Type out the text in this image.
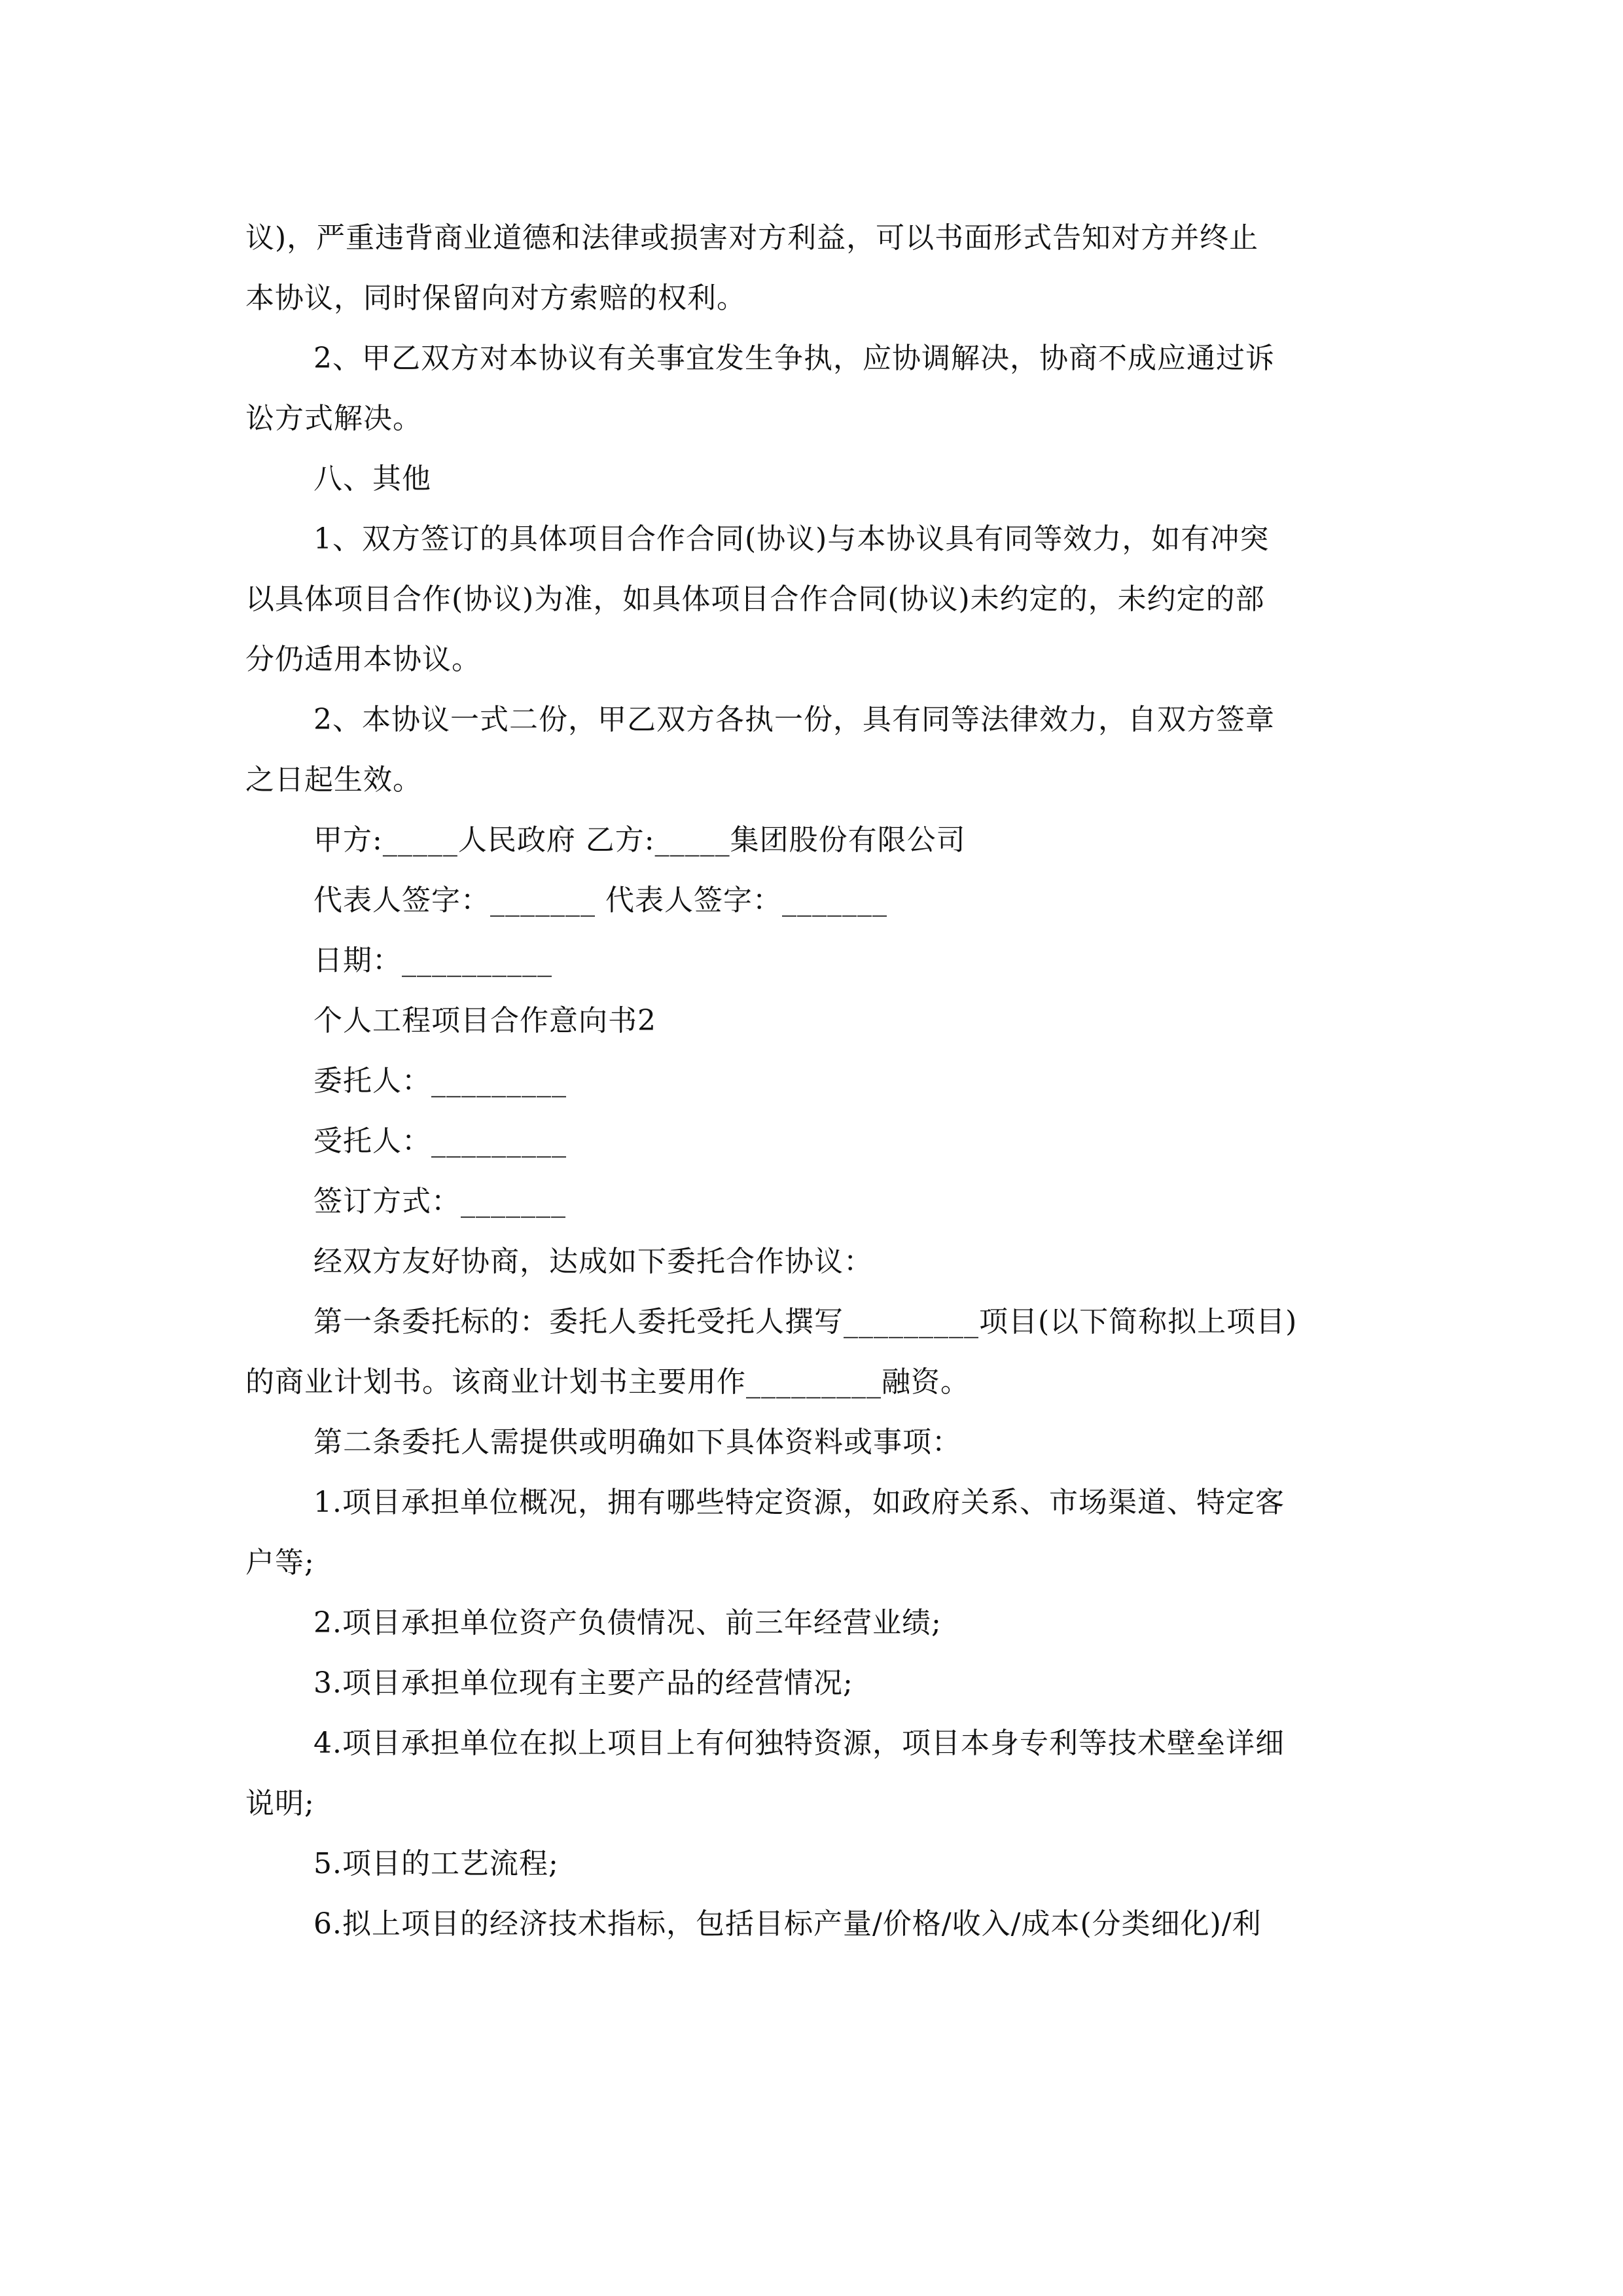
议)，严重违背商业道德和法律或损害对方利益，可以书面形式告知对方并终止
本协议，同时保留向对方索赔的权利。
2、甲乙双方对本协议有关事宜发生争执，应协调解决，协商不成应通过诉
讼方式解决。
八、其他
1、双方签订的具体项目合作合同(协议)与本协议具有同等效力，如有冲突
以具体项目合作(协议)为准，如具体项目合作合同(协议)未约定的，未约定的部
分仍适用本协议。
2、本协议一式二份，甲乙双方各执一份，具有同等法律效力，自双方签章
之日起生效。
甲方:_____人民政府 乙方:_____集团股份有限公司
代表人签字：_______ 代表人签字：_______
日期：__________
个人工程项目合作意向书2
委托人：_________
受托人：_________
签订方式：_______
经双方友好协商，达成如下委托合作协议：
第一条委托标的：委托人委托受托人撰写_________项目(以下简称拟上项目)
的商业计划书。该商业计划书主要用作_________融资。
第二条委托人需提供或明确如下具体资料或事项：
1.项目承担单位概况，拥有哪些特定资源，如政府关系、市场渠道、特定客
户等;
2.项目承担单位资产负债情况、前三年经营业绩;
3.项目承担单位现有主要产品的经营情况;
4.项目承担单位在拟上项目上有何独特资源，项目本身专利等技术壁垒详细
说明;
5.项目的工艺流程;
6.拟上项目的经济技术指标，包括目标产量/价格/收入/成本(分类细化)/利
